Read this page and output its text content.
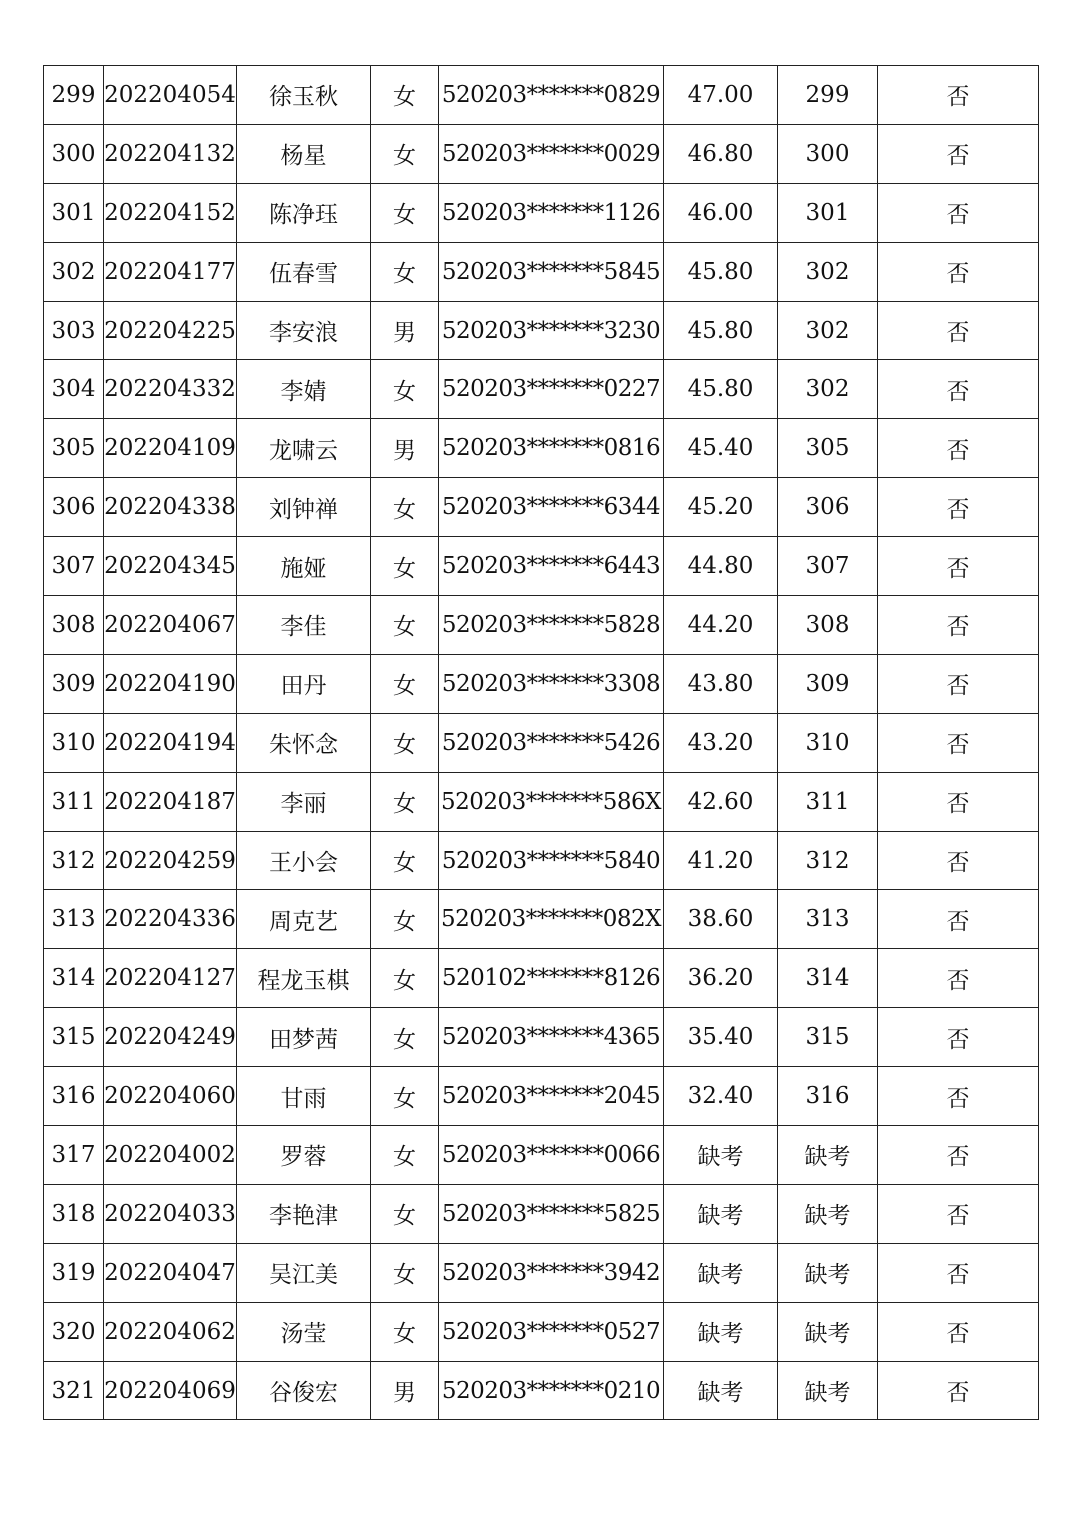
299	202204054	徐玉秋	女	520203*******0829	47.00	299	否
300	202204132	杨星	女	520203*******0029	46.80	300	否
301	202204152	陈净珏	女	520203*******1126	46.00	301	否
302	202204177	伍春雪	女	520203*******5845	45.80	302	否
303	202204225	李安浪	男	520203*******3230	45.80	302	否
304	202204332	李婧	女	520203*******0227	45.80	302	否
305	202204109	龙啸云	男	520203*******0816	45.40	305	否
306	202204338	刘钟禅	女	520203*******6344	45.20	306	否
307	202204345	施娅	女	520203*******6443	44.80	307	否
308	202204067	李佳	女	520203*******5828	44.20	308	否
309	202204190	田丹	女	520203*******3308	43.80	309	否
310	202204194	朱怀念	女	520203*******5426	43.20	310	否
311	202204187	李丽	女	520203*******586X	42.60	311	否
312	202204259	王小会	女	520203*******5840	41.20	312	否
313	202204336	周克艺	女	520203*******082X	38.60	313	否
314	202204127	程龙玉棋	女	520102*******8126	36.20	314	否
315	202204249	田梦茜	女	520203*******4365	35.40	315	否
316	202204060	甘雨	女	520203*******2045	32.40	316	否
317	202204002	罗蓉	女	520203*******0066	缺考	缺考	否
318	202204033	李艳津	女	520203*******5825	缺考	缺考	否
319	202204047	吴江美	女	520203*******3942	缺考	缺考	否
320	202204062	汤莹	女	520203*******0527	缺考	缺考	否
321	202204069	谷俊宏	男	520203*******0210	缺考	缺考	否
